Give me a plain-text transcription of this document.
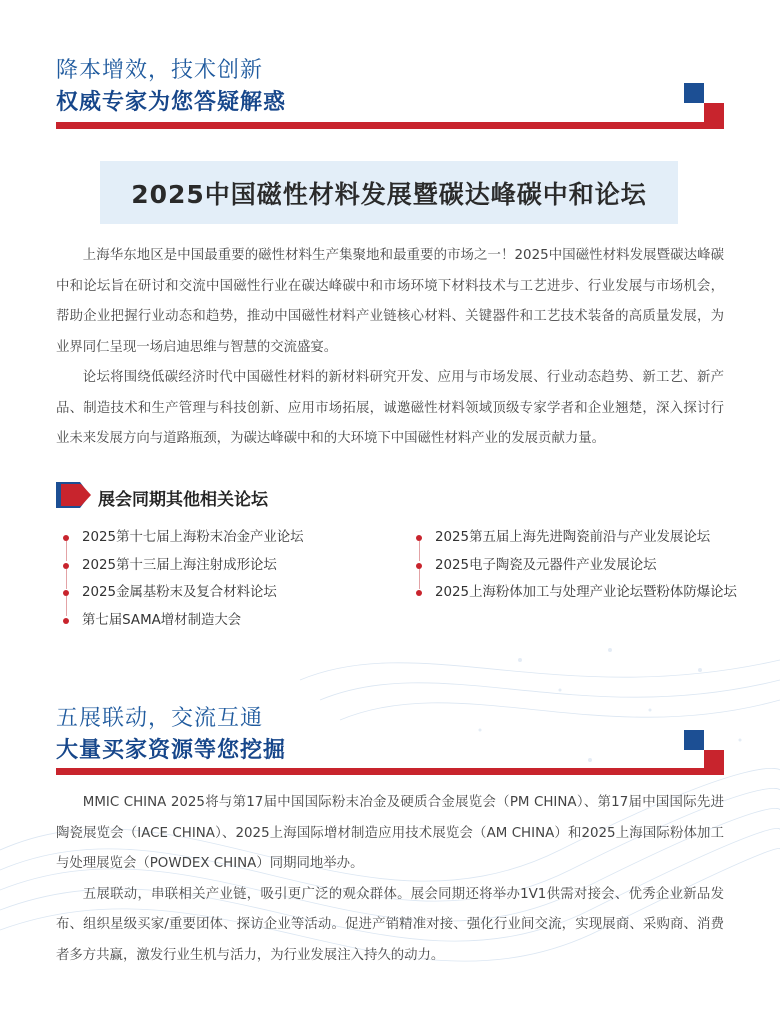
降本增效，技术创新
权威专家为您答疑解惑
2025中国磁性材料发展暨碳达峰碳中和论坛

上海华东地区是中国最重要的磁性材料生产集聚地和最重要的市场之一！2025中国磁性材料发展暨碳达峰碳中和论坛旨在研讨和交流中国磁性行业在碳达峰碳中和市场环境下材料技术与工艺进步、行业发展与市场机会，帮助企业把握行业动态和趋势，推动中国磁性材料产业链核心材料、关键器件和工艺技术装备的高质量发展，为业界同仁呈现一场启迪思维与智慧的交流盛宴。

论坛将围绕低碳经济时代中国磁性材料的新材料研究开发、应用与市场发展、行业动态趋势、新工艺、新产品、制造技术和生产管理与科技创新、应用市场拓展，诚邀磁性材料领域顶级专家学者和企业翘楚，深入探讨行业未来发展方向与道路瓶颈，为碳达峰碳中和的大环境下中国磁性材料产业的发展贡献力量。

展会同期其他相关论坛
2025第十七届上海粉末冶金产业论坛
2025第十三届上海注射成形论坛
2025金属基粉末及复合材料论坛
第七届SAMA增材制造大会
2025第五届上海先进陶瓷前沿与产业发展论坛
2025电子陶瓷及元器件产业发展论坛
2025上海粉体加工与处理产业论坛暨粉体防爆论坛
五展联动，交流互通
大量买家资源等您挖掘

MMIC CHINA 2025将与第17届中国国际粉末冶金及硬质合金展览会（PM CHINA）、第17届中国国际先进陶瓷展览会（IACE CHINA）、2025上海国际增材制造应用技术展览会（AM CHINA）和2025上海国际粉体加工与处理展览会（POWDEX CHINA）同期同地举办。

五展联动，串联相关产业链，吸引更广泛的观众群体。展会同期还将举办1V1供需对接会、优秀企业新品发布、组织星级买家/重要团体、探访企业等活动。促进产销精准对接、强化行业间交流，实现展商、采购商、消费者多方共赢，激发行业生机与活力，为行业发展注入持久的动力。
